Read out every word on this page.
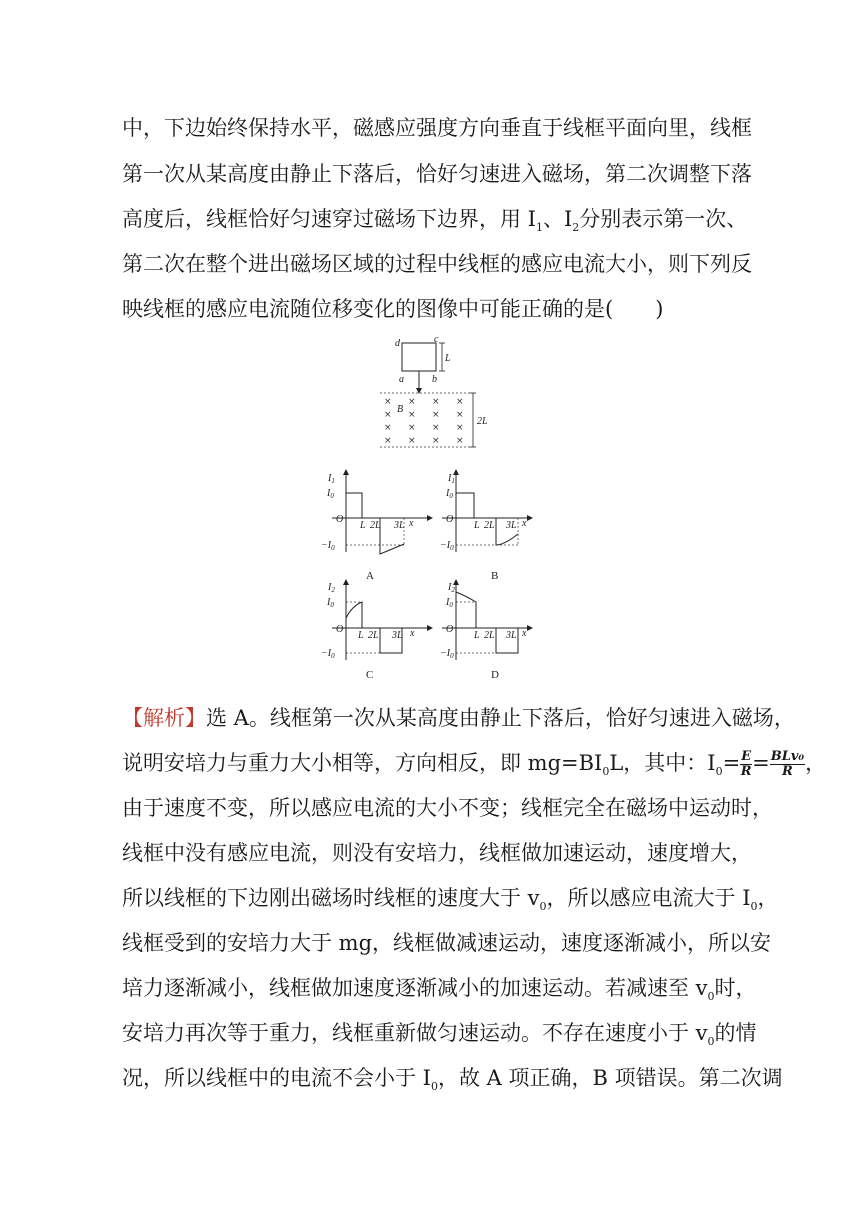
中，下边始终保持水平，磁感应强度方向垂直于线框平面向里，线框
第一次从某高度由静止下落后，恰好匀速进入磁场，第二次调整下落
高度后，线框恰好匀速穿过磁场下边界，用 $I_1$、$I_2$分别表示第一次、
第二次在整个进出磁场区域的过程中线框的感应电流大小，则下列反
映线框的感应电流随位移变化的图像中可能正确的是(　　)
d	c
a	b
L
× × × ×
× × × ×
× × × ×
× × × ×
B
2L
$I_1$
$I_0$
$-I_0$
O
L 2L 3L x
A
$I_1$
$I_0$
$-I_0$
O
L 2L 3L x
B
$I_2$
$I_0$
$-I_0$
O
L 2L 3L x
C
$I_2$
$I_0$
$-I_0$
O
L 2L 3L x
D
【解析】选 A。线框第一次从某高度由静止下落后，恰好匀速进入磁场，
说明安培力与重力大小相等，方向相反，即 $mg=BI_0L$，其中：$I_0= \frac{E}{R} = \frac{\text{BLv₀}}{R}$ ，
由于速度不变，所以感应电流的大小不变；线框完全在磁场中运动时，
线框中没有感应电流，则没有安培力，线框做加速运动，速度增大，
所以线框的下边刚出磁场时线框的速度大于 $v_0$，所以感应电流大于 $I_0$，
线框受到的安培力大于 mg，线框做减速运动，速度逐渐减小，所以安
培力逐渐减小，线框做加速度逐渐减小的加速运动。若减速至 $v_0$时，
安培力再次等于重力，线框重新做匀速运动。不存在速度小于 $v_0$的情
况，所以线框中的电流不会小于 $I_0$，故 A 项正确，B 项错误。第二次调
